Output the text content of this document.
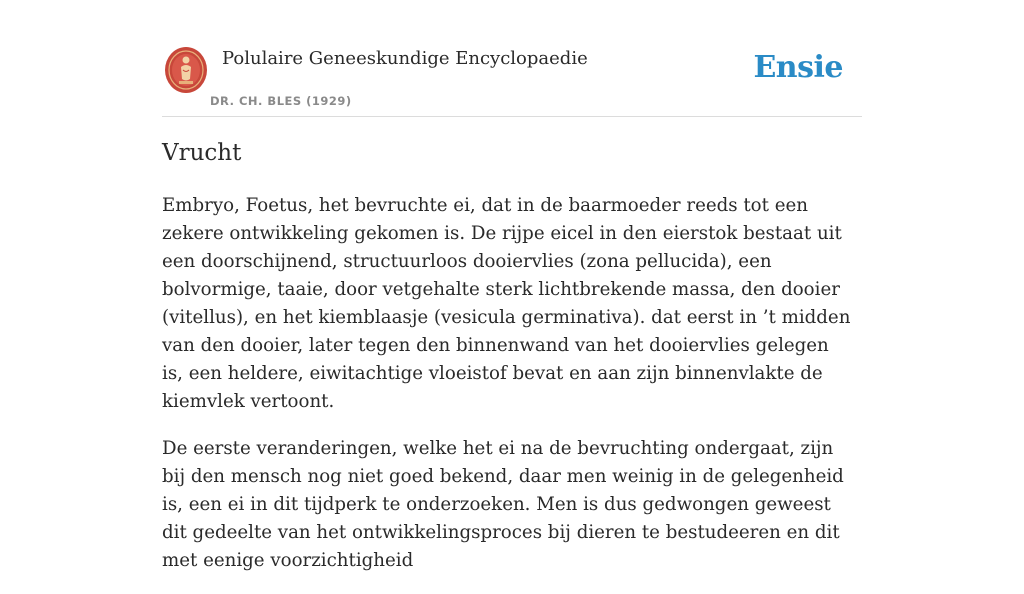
Polulaire Geneeskundige Encyclopaedie
DR. CH. BLES (1929)
Ensie
Vrucht

Embryo, Foetus, het bevruchte ei, dat in de baarmoeder reeds tot een zekere ontwikkeling gekomen is. De rijpe eicel in den eierstok bestaat uit een doorschijnend, structuurloos dooiervlies (zona pellucida), een bolvormige, taaie, door vetgehalte sterk lichtbrekende massa, den dooier (vitellus), en het kiemblaasje (vesicula germinativa). dat eerst in ’t midden van den dooier, later tegen den binnenwand van het dooiervlies gelegen is, een heldere, eiwitachtige vloeistof bevat en aan zijn binnenvlakte de kiemvlek vertoont.

De eerste veranderingen, welke het ei na de bevruchting ondergaat, zijn bij den mensch nog niet goed bekend, daar men weinig in de gelegenheid is, een ei in dit tijdperk te onderzoeken. Men is dus gedwongen geweest dit gedeelte van het ontwikkelingsproces bij dieren te bestudeeren en dit met eenige voorzichtigheid
